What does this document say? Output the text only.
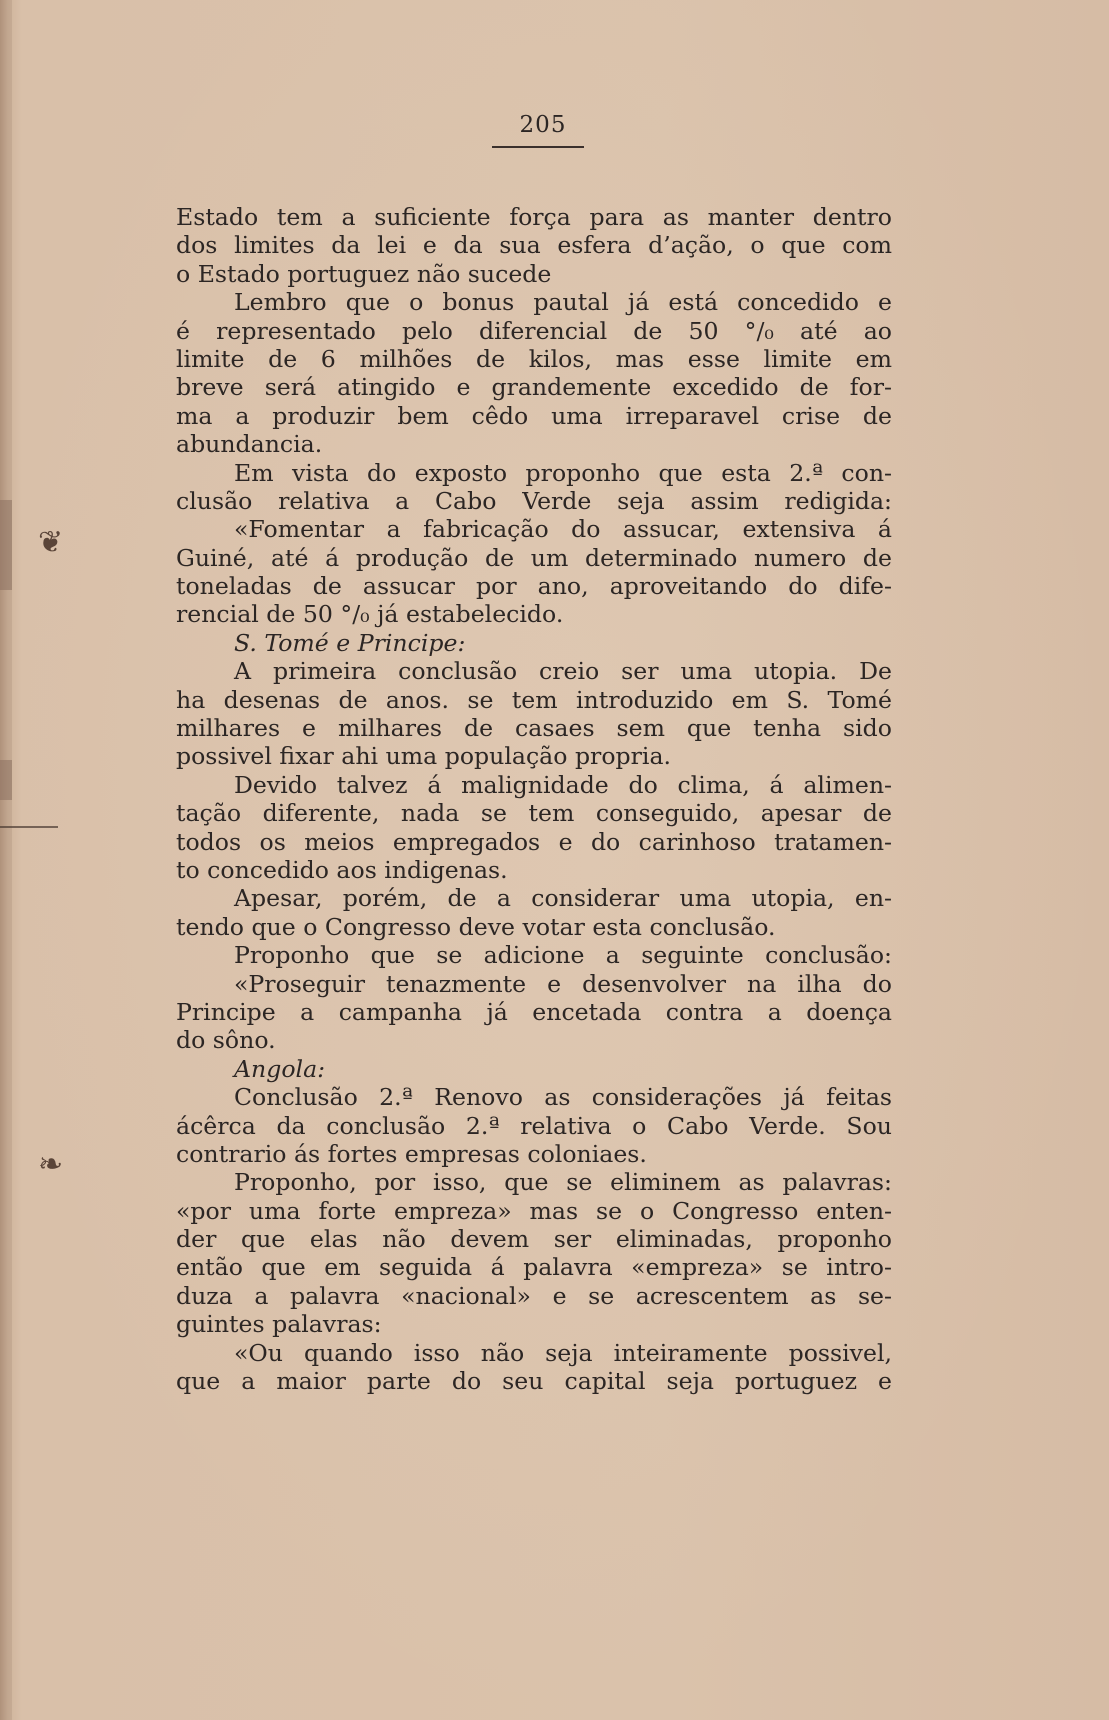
❦
❧
205
Estado tem a suficiente força para as manter dentro
dos limites da lei e da sua esfera d’ação, o que com
o Estado portuguez não sucede
Lembro que o bonus pautal já está concedido e
é representado pelo diferencial de 50 °/₀ até ao
limite de 6 milhões de kilos, mas esse limite em
breve será atingido e grandemente excedido de for-
ma a produzir bem cêdo uma irreparavel crise de
abundancia.
Em vista do exposto proponho que esta 2.ª con-
clusão relativa a Cabo Verde seja assim redigida:
«Fomentar a fabricação do assucar, extensiva á
Guiné, até á produção de um determinado numero de
toneladas de assucar por ano, aproveitando do dife-
rencial de 50 °/₀ já estabelecido.
S. Tomé e Principe:
A primeira conclusão creio ser uma utopia. De
ha desenas de anos. se tem introduzido em S. Tomé
milhares e milhares de casaes sem que tenha sido
possivel fixar ahi uma população propria.
Devido talvez á malignidade do clima, á alimen-
tação diferente, nada se tem conseguido, apesar de
todos os meios empregados e do carinhoso tratamen-
to concedido aos indigenas.
Apesar, porém, de a considerar uma utopia, en-
tendo que o Congresso deve votar esta conclusão.
Proponho que se adicione a seguinte conclusão:
«Proseguir tenazmente e desenvolver na ilha do
Principe a campanha já encetada contra a doença
do sôno.
Angola:
Conclusão 2.ª Renovo as considerações já feitas
ácêrca da conclusão 2.ª relativa o Cabo Verde. Sou
contrario ás fortes empresas coloniaes.
Proponho, por isso, que se eliminem as palavras:
«por uma forte empreza» mas se o Congresso enten-
der que elas não devem ser eliminadas, proponho
então que em seguida á palavra «empreza» se intro-
duza a palavra «nacional» e se acrescentem as se-
guintes palavras:
«Ou quando isso não seja inteiramente possivel,
que a maior parte do seu capital seja portuguez e
